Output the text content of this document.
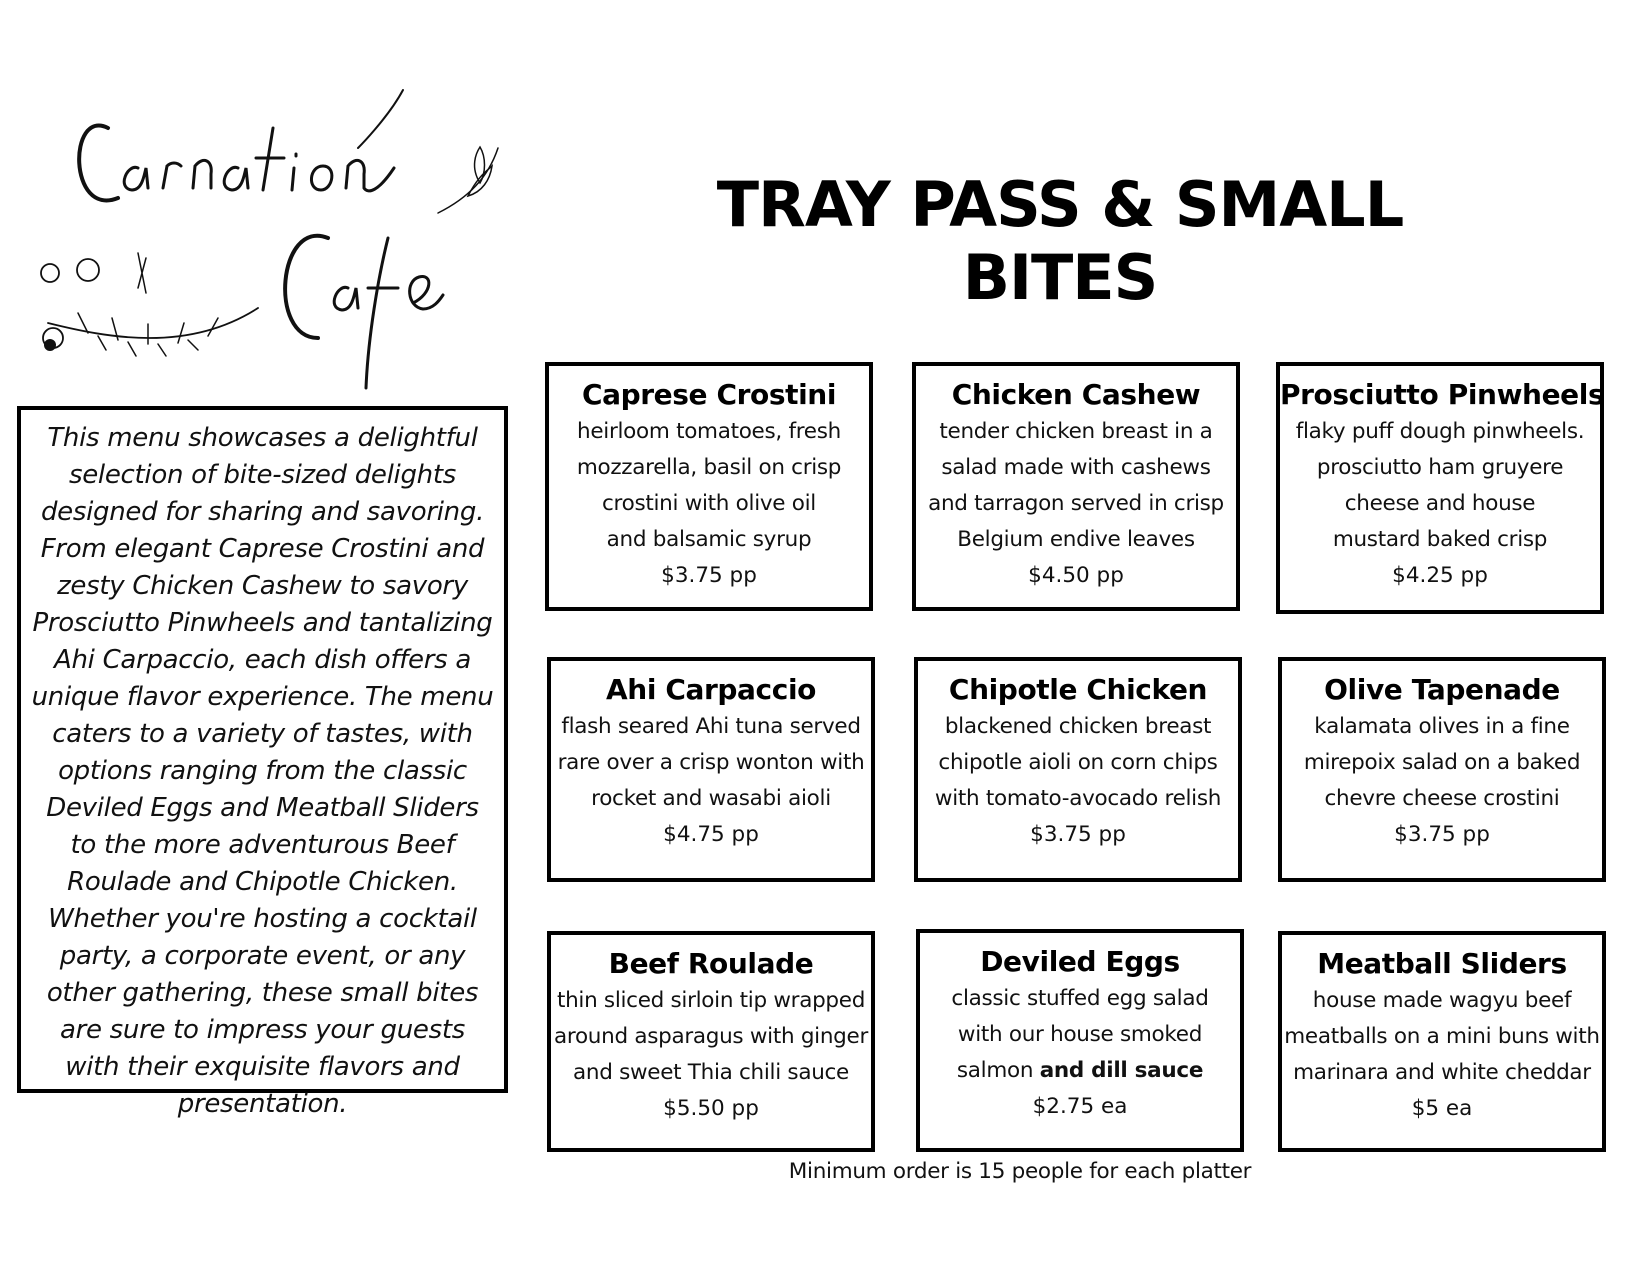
Carnation
Cafe
TRAY PASS & SMALL BITES

This menu showcases a delightful selection of bite-sized delights designed for sharing and savoring. From elegant Caprese Crostini and zesty Chicken Cashew to savory Prosciutto Pinwheels and tantalizing Ahi Carpaccio, each dish offers a unique flavor experience. The menu caters to a variety of tastes, with options ranging from the classic Deviled Eggs and Meatball Sliders to the more adventurous Beef Roulade and Chipotle Chicken. Whether you're hosting a cocktail party, a corporate event, or any other gathering, these small bites are sure to impress your guests with their exquisite flavors and presentation.

Caprese Crostini
heirloom tomatoes, fresh
mozzarella, basil on crisp
crostini with olive oil
and balsamic syrup
$3.75 pp
Chicken Cashew
tender chicken breast in a
salad made with cashews
and tarragon served in crisp
Belgium endive leaves
$4.50 pp
Prosciutto Pinwheels
flaky puff dough pinwheels.
prosciutto ham gruyere
cheese and house
mustard baked crisp
$4.25 pp
Ahi Carpaccio
flash seared Ahi tuna served
rare over a crisp wonton with
rocket and wasabi aioli
$4.75 pp
Chipotle Chicken
blackened chicken breast
chipotle aioli on corn chips
with tomato-avocado relish
$3.75 pp
Olive Tapenade
kalamata olives in a fine
mirepoix salad on a baked
chevre cheese crostini
$3.75 pp
Beef Roulade
thin sliced sirloin tip wrapped
around asparagus with ginger
and sweet Thia chili sauce
$5.50 pp
Deviled Eggs
classic stuffed egg salad
with our house smoked
salmon and dill sauce
$2.75 ea
Meatball Sliders
house made wagyu beef
meatballs on a mini buns with
marinara and white cheddar
$5 ea
Minimum order is 15 people for each platter
